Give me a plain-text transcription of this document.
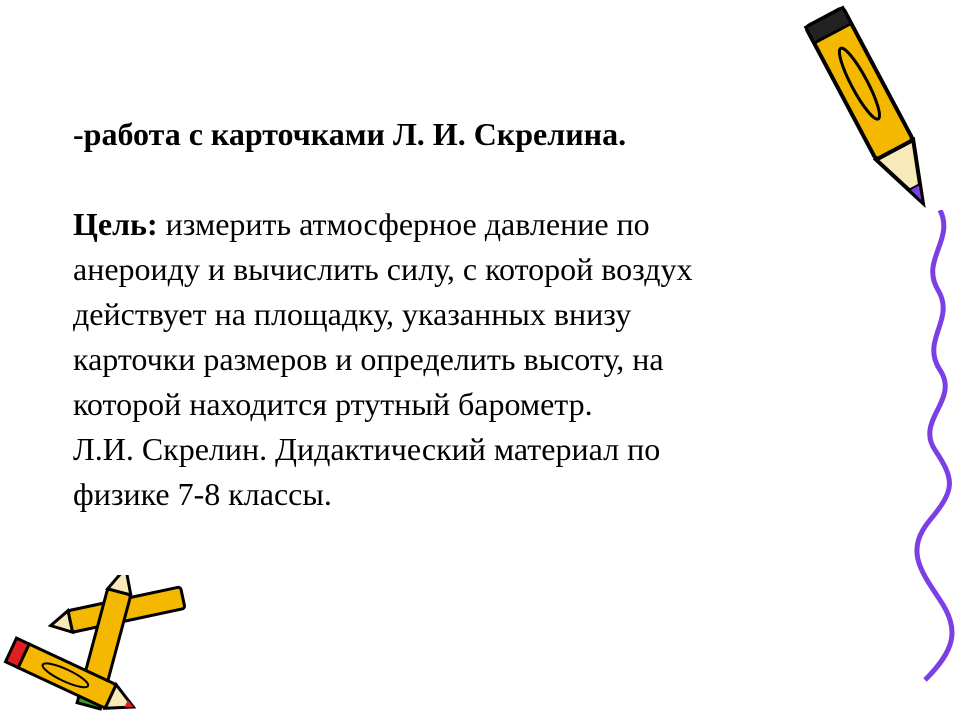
-работа с карточками Л. И. Скрелина.
Цель: измерить атмосферное давление по
анероиду и вычислить силу, с которой воздух
действует на площадку, указанных внизу
карточки размеров и определить высоту, на
которой находится ртутный барометр.
Л.И. Скрелин. Дидактический материал по
физике 7-8 классы.
